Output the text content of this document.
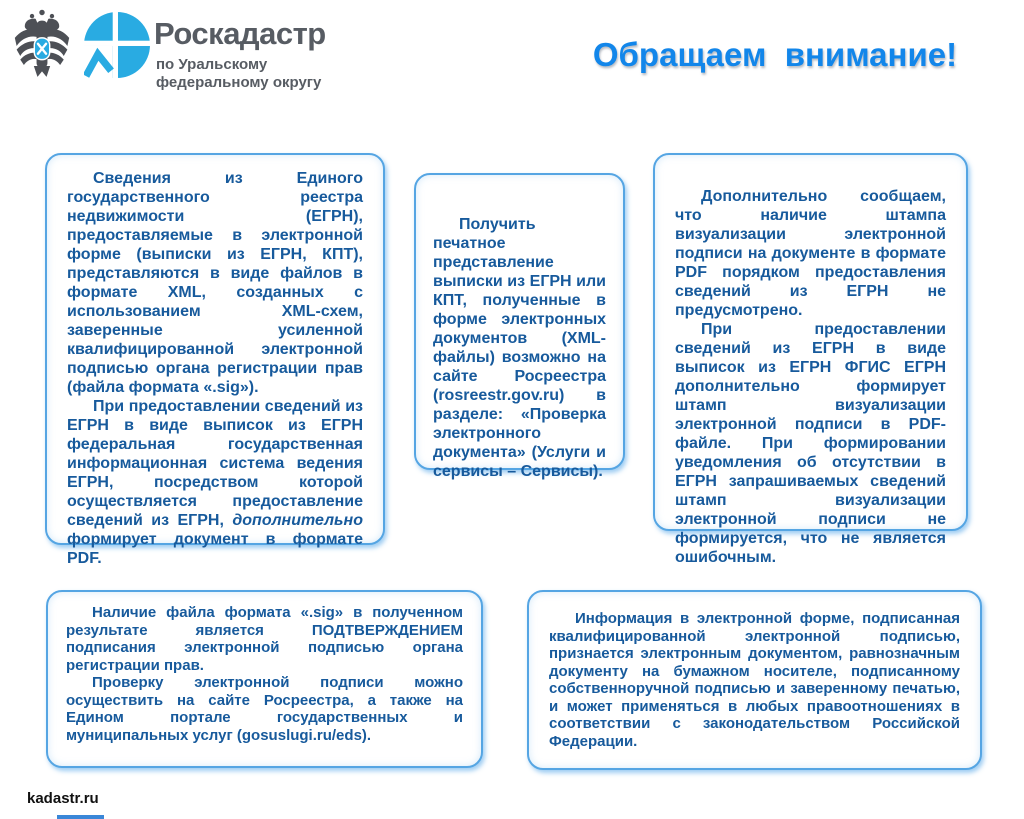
Роскадастр
по Уральскому
федеральному округу
Обращаем  внимание!

Сведения из Единого государственного реестра недвижимости (ЕГРН), предоставляемые в электронной форме (выписки из ЕГРН, КПТ), представляются в виде файлов в формате XML, созданных с использованием XML-схем, заверенные усиленной квалифицированной электронной подписью органа регистрации прав (файла формата «.sig»).

При предоставлении сведений из ЕГРН в виде выписок из ЕГРН федеральная государственная информационная система ведения ЕГРН, посредством которой осуществляется предоставление сведений из ЕГРН, дополнительно формирует документ в формате PDF.

Получить печатное представление выписки из ЕГРН или КПТ, полученные в форме электронных документов (XML-файлы) возможно на сайте Росреестра (rosreestr.gov.ru) в разделе: «Проверка электронного документа» (Услуги и сервисы – Сервисы).

Дополнительно сообщаем, что наличие штампа визуализации электронной подписи на документе в формате PDF порядком предоставления сведений из ЕГРН не предусмотрено.

При предоставлении сведений из ЕГРН в виде выписок из ЕГРН ФГИС ЕГРН дополнительно формирует штамп визуализации электронной подписи в PDF-файле. При формировании уведомления об отсутствии в ЕГРН запрашиваемых сведений штамп визуализации электронной подписи не формируется, что не является ошибочным.

Наличие файла формата «.sig» в полученном результате является ПОДТВЕРЖДЕНИЕМ подписания электронной подписью органа регистрации прав.

Проверку электронной подписи можно осуществить на сайте Росреестра, а также на Едином портале государственных и муниципальных услуг (gosuslugi.ru/eds).

Информация в электронной форме, подписанная квалифицированной электронной подписью, признается электронным документом, равнозначным документу на бумажном носителе, подписанному собственноручной подписью и заверенному печатью, и может применяться в любых правоотношениях в соответствии с законодательством Российской Федерации.

kadastr.ru
